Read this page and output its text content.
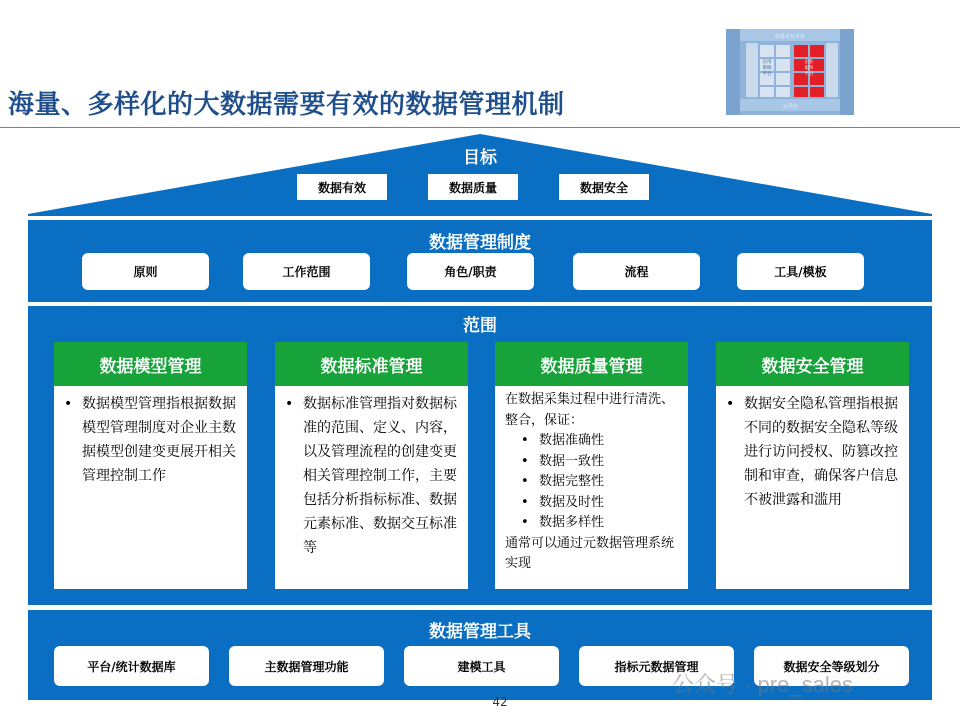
信息交互平台
云平台
应用
系统
平台
企业
服务
平台
海量、多样化的大数据需要有效的数据管理机制
目标
数据有效	数据质量	数据安全
数据管理制度
原则	工作范围	角色/职责	流程	工具/模板
范围
数据模型管理
• 数据模型管理指根据数据模型管理制度对企业主数据模型创建变更展开相关管理控制工作
数据标准管理
• 数据标准管理指对数据标准的范围、定义、内容，以及管理流程的创建变更相关管理控制工作，主要包括分析指标标准、数据元素标准、数据交互标准等
数据质量管理
在数据采集过程中进行清洗、整合，保证：
• 数据准确性
• 数据一致性
• 数据完整性
• 数据及时性
• 数据多样性
通常可以通过元数据管理系统实现
数据安全管理
• 数据安全隐私管理指根据不同的数据安全隐私等级进行访问授权、防篡改控制和审查，确保客户信息不被泄露和滥用
数据管理工具
平台/统计数据库	主数据管理功能	建模工具	指标元数据管理	数据安全等级划分
42
公众号 · pre_sales
